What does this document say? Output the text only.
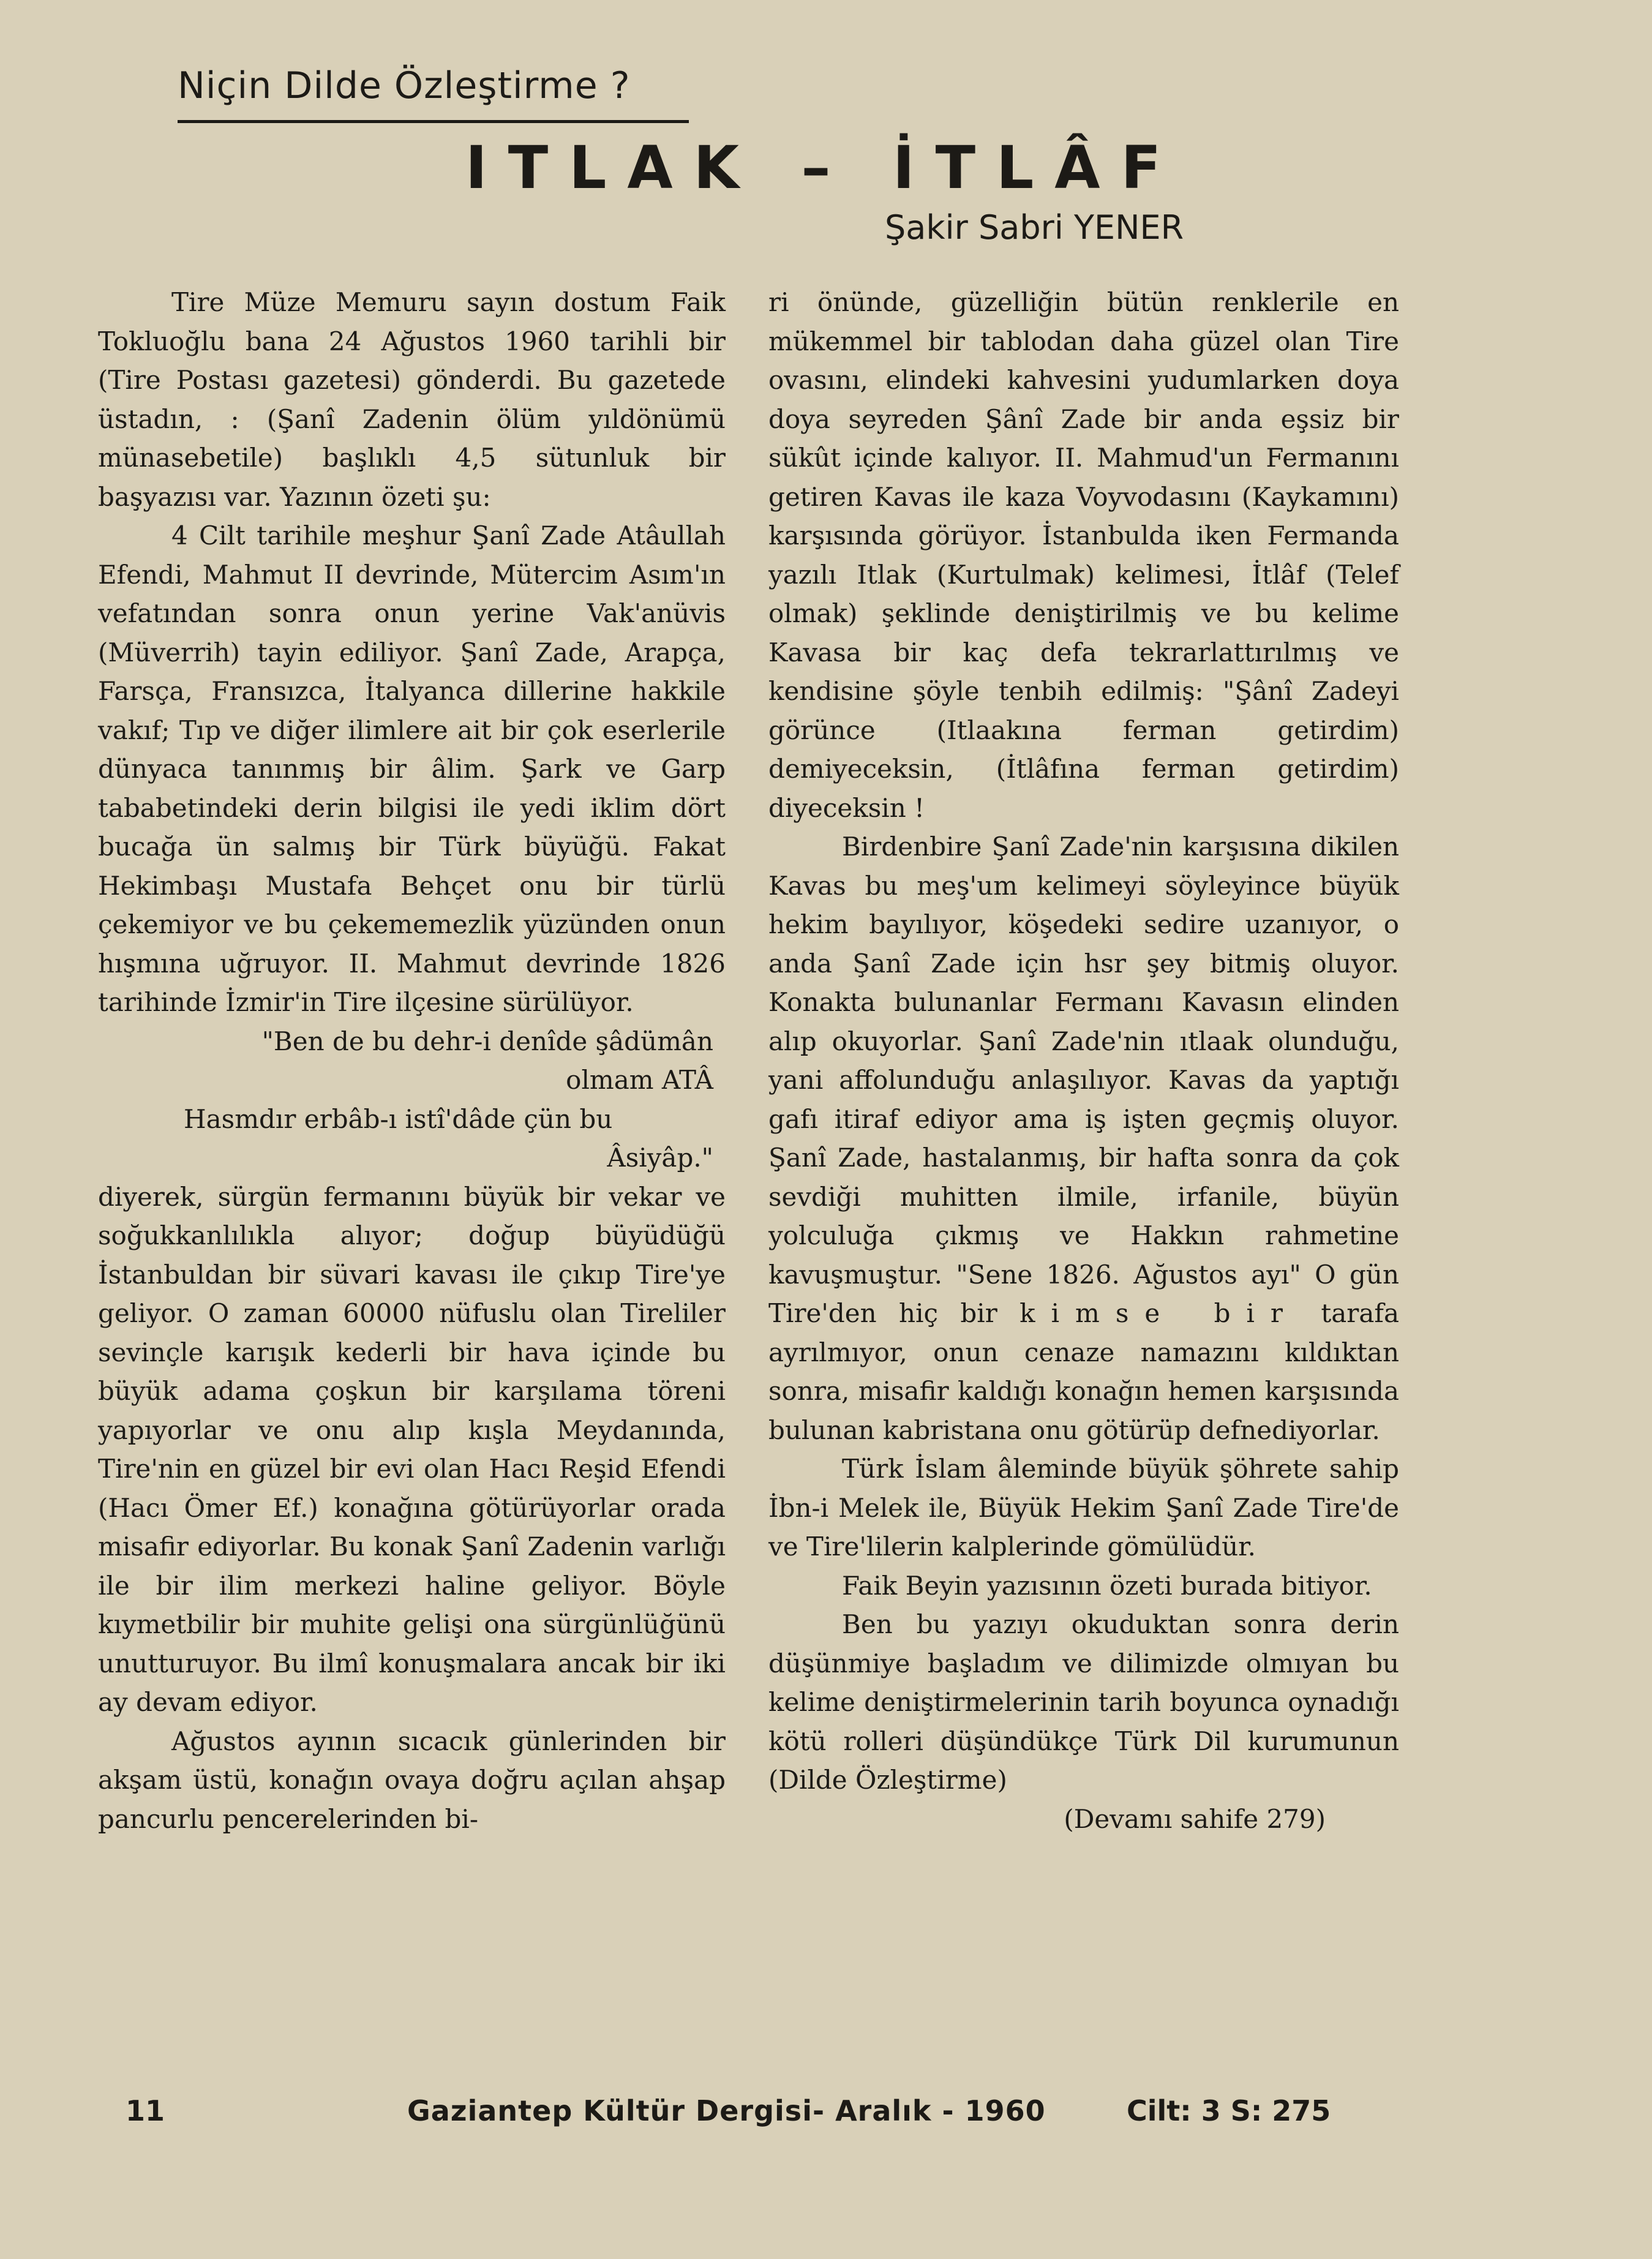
Niçin Dilde Özleştirme ?
ITLAK – İTLÂF
Şakir Sabri YENER

Tire Müze Memuru sayın dostum Faik Tokluoğlu bana 24 Ağustos 1960 tarihli bir (Tire Postası gazetesi) gönderdi. Bu gazetede üstadın, : (Şanî Zadenin ölüm yıldönümü münasebetile) başlıklı 4,5 sütunluk bir başyazısı var. Yazının özeti şu:

4 Cilt tarihile meşhur Şanî Zade Atâullah Efendi, Mahmut II devrinde, Mütercim Asım'ın vefatından sonra onun yerine Vak'anüvis (Müverrih) tayin ediliyor. Şanî Zade, Arapça, Farsça, Fransızca, İtalyanca dillerine hakkile vakıf; Tıp ve diğer ilimlere ait bir çok eserlerile dünyaca tanınmış bir âlim. Şark ve Garp tababetindeki derin bilgisi ile yedi iklim dört bucağa ün salmış bir Türk büyüğü. Fakat Hekimbaşı Mustafa Behçet onu bir türlü çekemiyor ve bu çekememezlik yüzünden onun hışmına uğruyor. II. Mahmut devrinde 1826 tarihinde İzmir'in Tire ilçesine sürülüyor.

"Ben de bu dehr-i denîde şâdümân
olmam ATÂ
Hasmdır erbâb-ı istî'dâde çün bu
Âsiyâp."

diyerek, sürgün fermanını büyük bir vekar ve soğukkanlılıkla alıyor; doğup büyüdüğü İstanbuldan bir süvari kavası ile çıkıp Tire'ye geliyor. O zaman 60000 nüfuslu olan Tireliler sevinçle karışık kederli bir hava içinde bu büyük adama çoşkun bir karşılama töreni yapıyorlar ve onu alıp kışla Meydanında, Tire'nin en güzel bir evi olan Hacı Reşid Efendi (Hacı Ömer Ef.) konağına götürüyorlar orada misafir ediyorlar. Bu konak Şanî Zadenin varlığı ile bir ilim merkezi haline geliyor. Böyle kıymetbilir bir muhite gelişi ona sürgünlüğünü unutturuyor. Bu ilmî konuşmalara ancak bir iki ay devam ediyor.

Ağustos ayının sıcacık günlerinden bir akşam üstü, konağın ovaya doğru açılan ahşap pancurlu pencerelerinden bi-

ri önünde, güzelliğin bütün renklerile en mükemmel bir tablodan daha güzel olan Tire ovasını, elindeki kahvesini yudumlarken doya doya seyreden Şânî Zade bir anda eşsiz bir sükût içinde kalıyor. II. Mahmud'un Fermanını getiren Kavas ile kaza Voyvodasını (Kaykamını) karşısında görüyor. İstanbulda iken Fermanda yazılı Itlak (Kurtulmak) kelimesi, İtlâf (Telef olmak) şeklinde deniştirilmiş ve bu kelime Kavasa bir kaç defa tekrarlattırılmış ve kendisine şöyle tenbih edilmiş: "Şânî Zadeyi görünce (Itlaakına ferman getirdim) demiyeceksin, (İtlâfına ferman getirdim) diyeceksin !

Birdenbire Şanî Zade'nin karşısına dikilen Kavas bu meş'um kelimeyi söyleyince büyük hekim bayılıyor, köşedeki sedire uzanıyor, o anda Şanî Zade için hsr şey bitmiş oluyor. Konakta bulunanlar Fermanı Kavasın elinden alıp okuyorlar. Şanî Zade'nin ıtlaak olunduğu, yani affolunduğu anlaşılıyor. Kavas da yaptığı gafı itiraf ediyor ama iş işten geçmiş oluyor. Şanî Zade, hastalanmış, bir hafta sonra da çok sevdiği muhitten ilmile, irfanile, büyün yolculuğa çıkmış ve Hakkın rahmetine kavuşmuştur. "Sene 1826. Ağustos ayı" O gün Tire'den hiç bir kimse bir tarafa ayrılmıyor, onun cenaze namazını kıldıktan sonra, misafir kaldığı konağın hemen karşısında bulunan kabristana onu götürüp defnediyorlar.

Türk İslam âleminde büyük şöhrete sahip İbn-i Melek ile, Büyük Hekim Şanî Zade Tire'de ve Tire'lilerin kalplerinde gömülüdür.

Faik Beyin yazısının özeti burada bitiyor.

Ben bu yazıyı okuduktan sonra derin düşünmiye başladım ve dilimizde olmıyan bu kelime deniştirmelerinin tarih boyunca oynadığı kötü rolleri düşündükçe Türk Dil kurumunun (Dilde Özleştirme)

(Devamı sahife 279)

11	Gaziantep Kültür Dergisi- Aralık - 1960	Cilt: 3 S: 275
